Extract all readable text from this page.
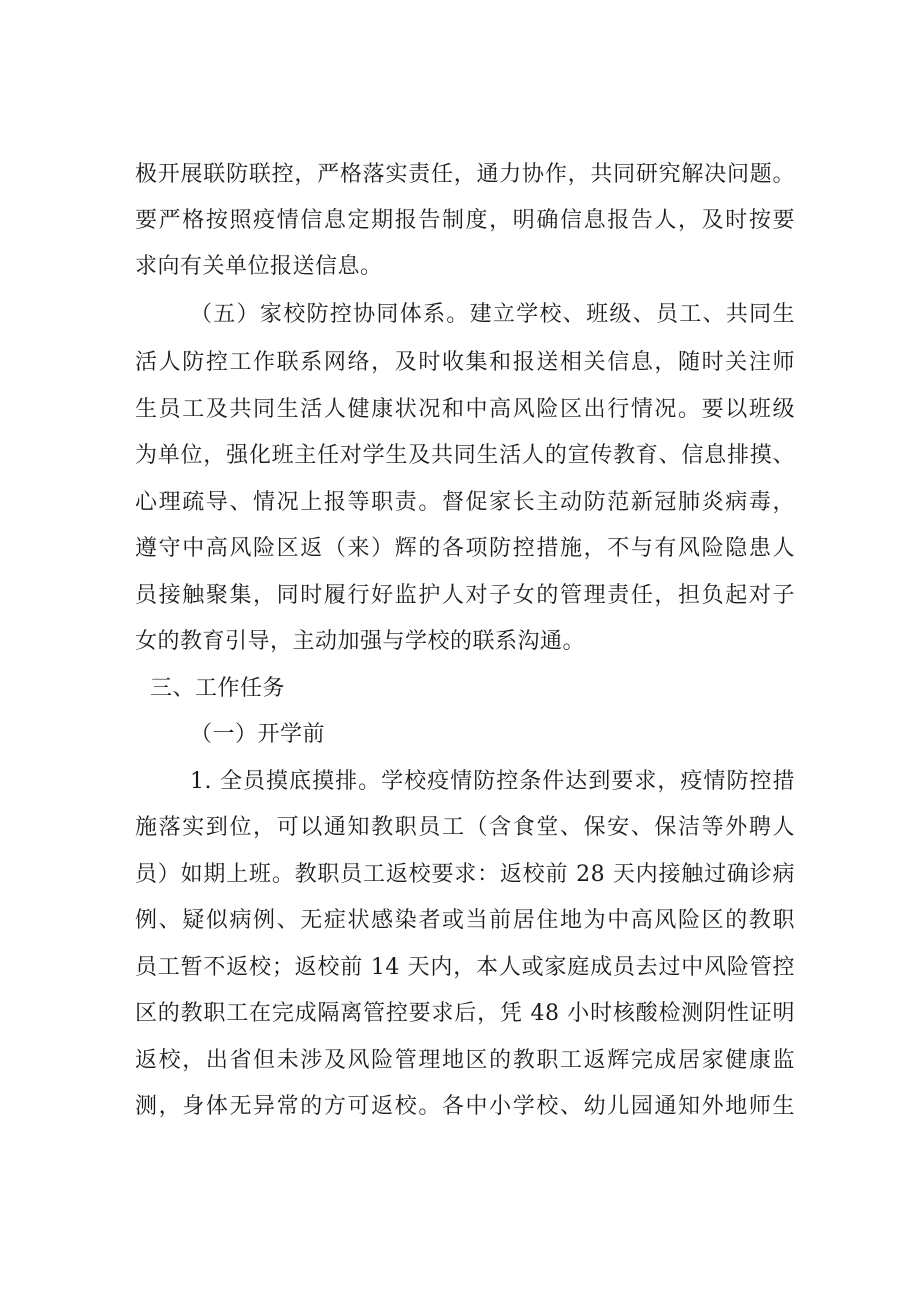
极开展联防联控，严格落实责任，通力协作，共同研究解决问题。
要严格按照疫情信息定期报告制度，明确信息报告人，及时按要
求向有关单位报送信息。
（五）家校防控协同体系。建立学校、班级、员工、共同生
活人防控工作联系网络，及时收集和报送相关信息，随时关注师
生员工及共同生活人健康状况和中高风险区出行情况。要以班级
为单位，强化班主任对学生及共同生活人的宣传教育、信息排摸、
心理疏导、情况上报等职责。督促家长主动防范新冠肺炎病毒，
遵守中高风险区返（来）辉的各项防控措施，不与有风险隐患人
员接触聚集，同时履行好监护人对子女的管理责任，担负起对子
女的教育引导，主动加强与学校的联系沟通。
三、工作任务
（一）开学前
1. 全员摸底摸排。学校疫情防控条件达到要求，疫情防控措
施落实到位，可以通知教职员工（含食堂、保安、保洁等外聘人
员）如期上班。教职员工返校要求：返校前 28 天内接触过确诊病
例、疑似病例、无症状感染者或当前居住地为中高风险区的教职
员工暂不返校；返校前 14 天内，本人或家庭成员去过中风险管控
区的教职工在完成隔离管控要求后，凭 48 小时核酸检测阴性证明
返校，出省但未涉及风险管理地区的教职工返辉完成居家健康监
测，身体无异常的方可返校。各中小学校、幼儿园通知外地师生
